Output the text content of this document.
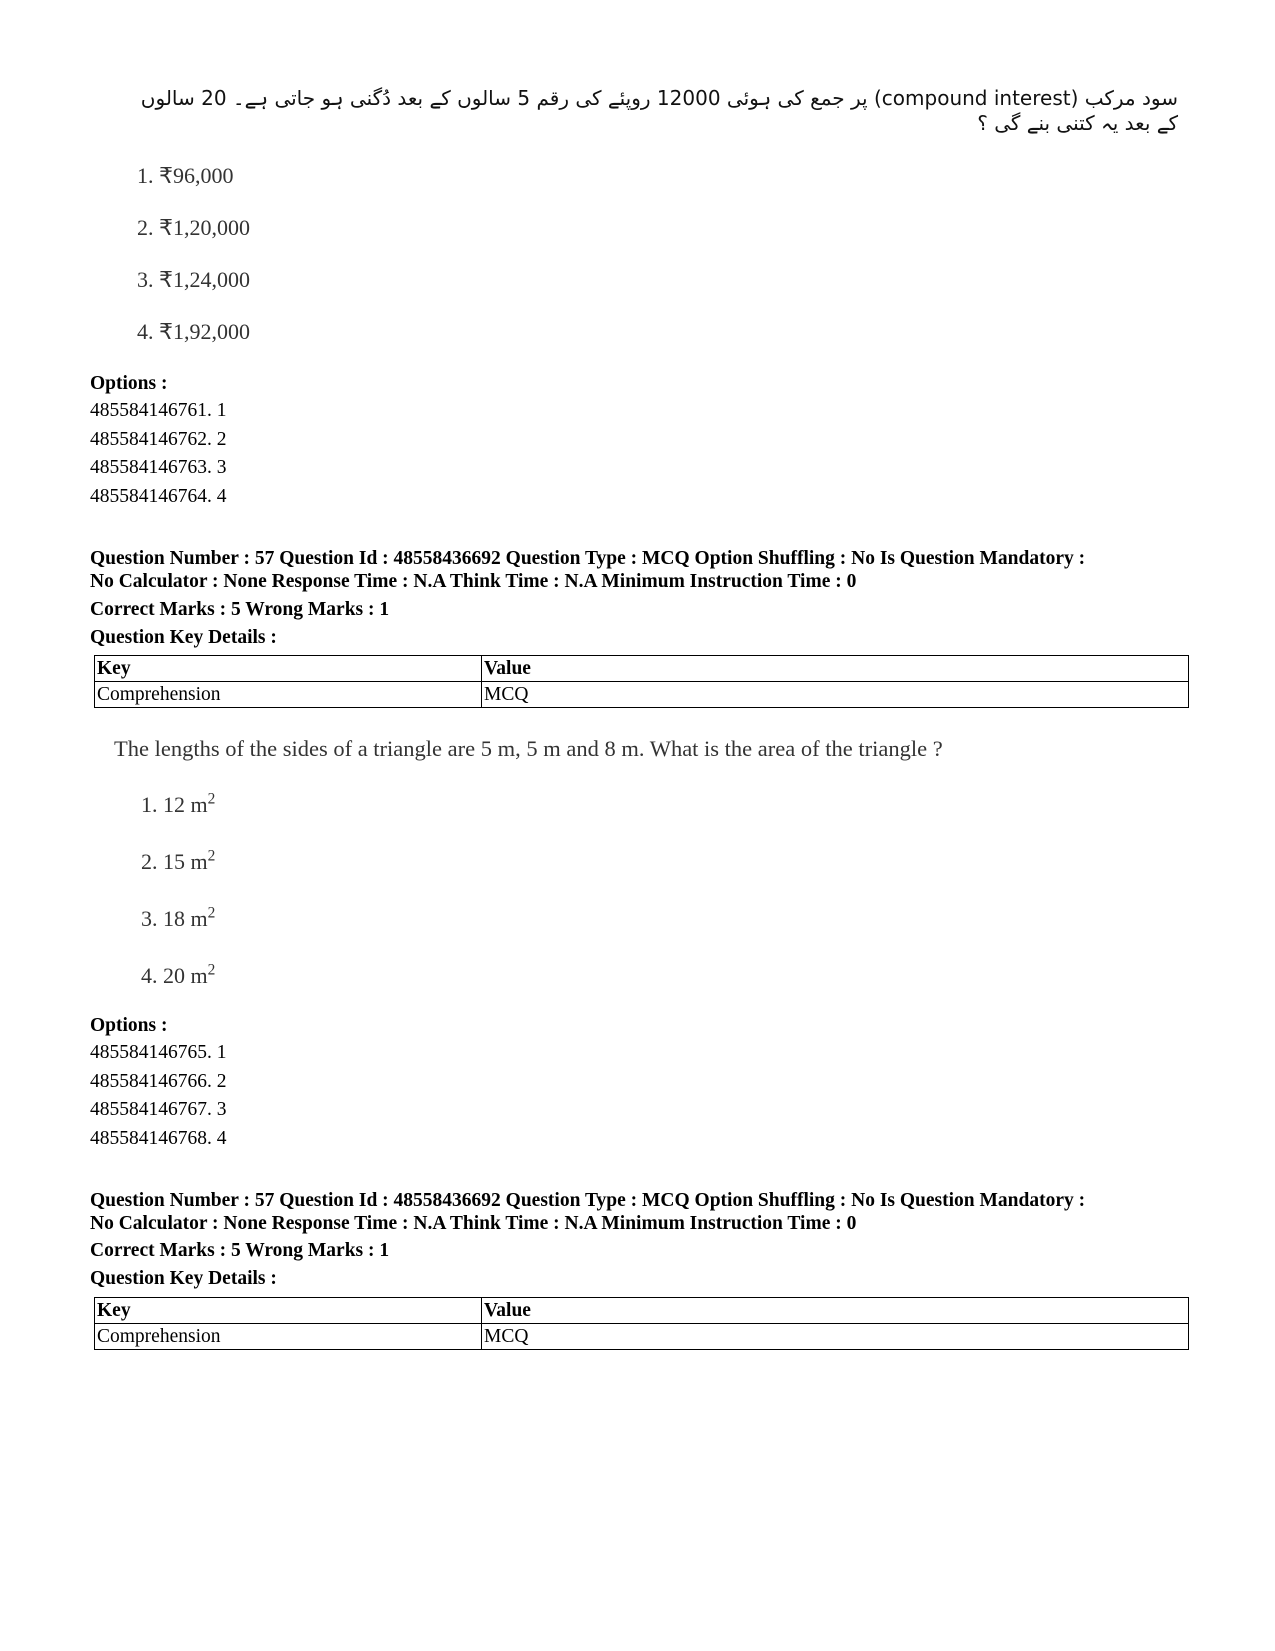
سود مرکب (compound interest) پر جمع کی ہوئی 12000 روپئے کی رقم 5 سالوں کے بعد دُگنی ہو جاتی ہے۔ 20 سالوں کے بعد یہ کتنی بنے گی ؟
1. ₹96,000
2. ₹1,20,000
3. ₹1,24,000
4. ₹1,92,000
Options :
485584146761. 1
485584146762. 2
485584146763. 3
485584146764. 4
Question Number : 57 Question Id : 48558436692 Question Type : MCQ Option Shuffling : No Is Question Mandatory :
No Calculator : None Response Time : N.A Think Time : N.A Minimum Instruction Time : 0
Correct Marks : 5 Wrong Marks : 1
Question Key Details :
Key	Value
Comprehension	MCQ
The lengths of the sides of a triangle are 5 m, 5 m and 8 m. What is the area of the triangle ?
1. 12 $m^2$
2. 15 $m^2$
3. 18 $m^2$
4. 20 $m^2$
Options :
485584146765. 1
485584146766. 2
485584146767. 3
485584146768. 4
Question Number : 57 Question Id : 48558436692 Question Type : MCQ Option Shuffling : No Is Question Mandatory :
No Calculator : None Response Time : N.A Think Time : N.A Minimum Instruction Time : 0
Correct Marks : 5 Wrong Marks : 1
Question Key Details :
Key	Value
Comprehension	MCQ
